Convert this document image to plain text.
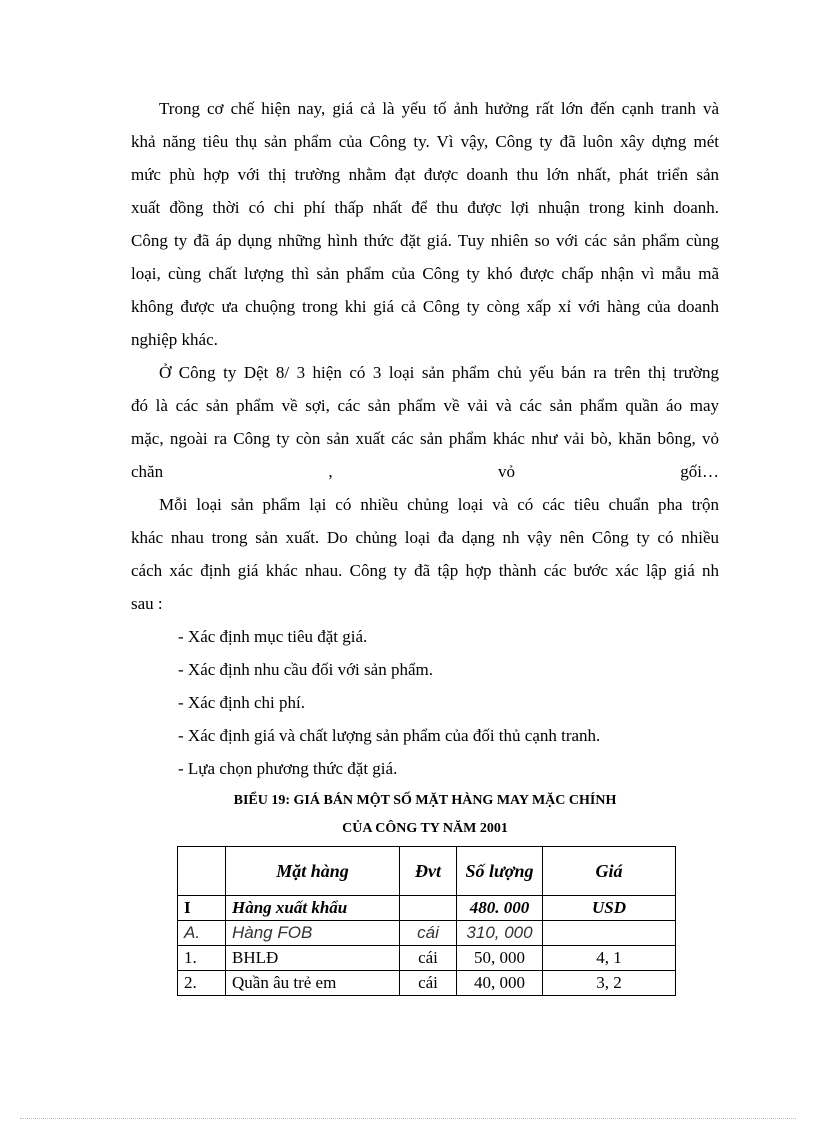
Trong cơ chế hiện nay, giá cả là yếu tố ảnh hưởng rất lớn đến cạnh tranh và
khả năng tiêu thụ sản phẩm của Công ty. Vì vậy, Công ty đã luôn xây dựng mét
mức phù hợp với thị trường nhằm đạt được doanh thu lớn nhất, phát triển sản
xuất đồng thời có chi phí thấp nhất để thu được lợi nhuận trong kinh doanh.
Công ty đã áp dụng những hình thức đặt giá. Tuy nhiên so với các sản phẩm cùng
loại, cùng chất lượng thì sản phẩm của Công ty khó được chấp nhận vì mẫu mã
không được ưa chuộng trong khi giá cả Công ty còng xấp xỉ với hàng của doanh
nghiệp khác.
Ở Công ty Dệt 8/ 3 hiện có 3 loại sản phẩm chủ yếu bán ra trên thị trường
đó là các sản phẩm về sợi, các sản phẩm về vải và các sản phẩm quần áo may
mặc, ngoài ra Công ty còn sản xuất các sản phẩm khác như vải bò, khăn bông, vỏ
chăn , vỏ gối…
Mỗi loại sản phẩm lại có nhiều chủng loại và có các tiêu chuẩn pha trộn
khác nhau trong sản xuất. Do chủng loại đa dạng nh vậy nên Công ty có nhiều
cách xác định giá khác nhau. Công ty đã tập hợp thành các bước xác lập giá nh
sau :

- Xác định mục tiêu đặt giá.

- Xác định nhu cầu đối với sản phẩm.

- Xác định chi phí.

- Xác định giá và chất lượng sản phẩm của đối thủ cạnh tranh.

- Lựa chọn phương thức đặt giá.

BIỂU 19: GIÁ BÁN MỘT SỐ MẶT HÀNG MAY MẶC CHÍNH

CỦA CÔNG TY NĂM 2001

	Mặt hàng	Đvt	Số lượng	Giá
I	Hàng xuất khẩu		480. 000	USD
A.	Hàng FOB	cái	310, 000	
1.	BHLĐ	cái	50, 000	4, 1
2.	Quần âu trẻ em	cái	40, 000	3, 2
